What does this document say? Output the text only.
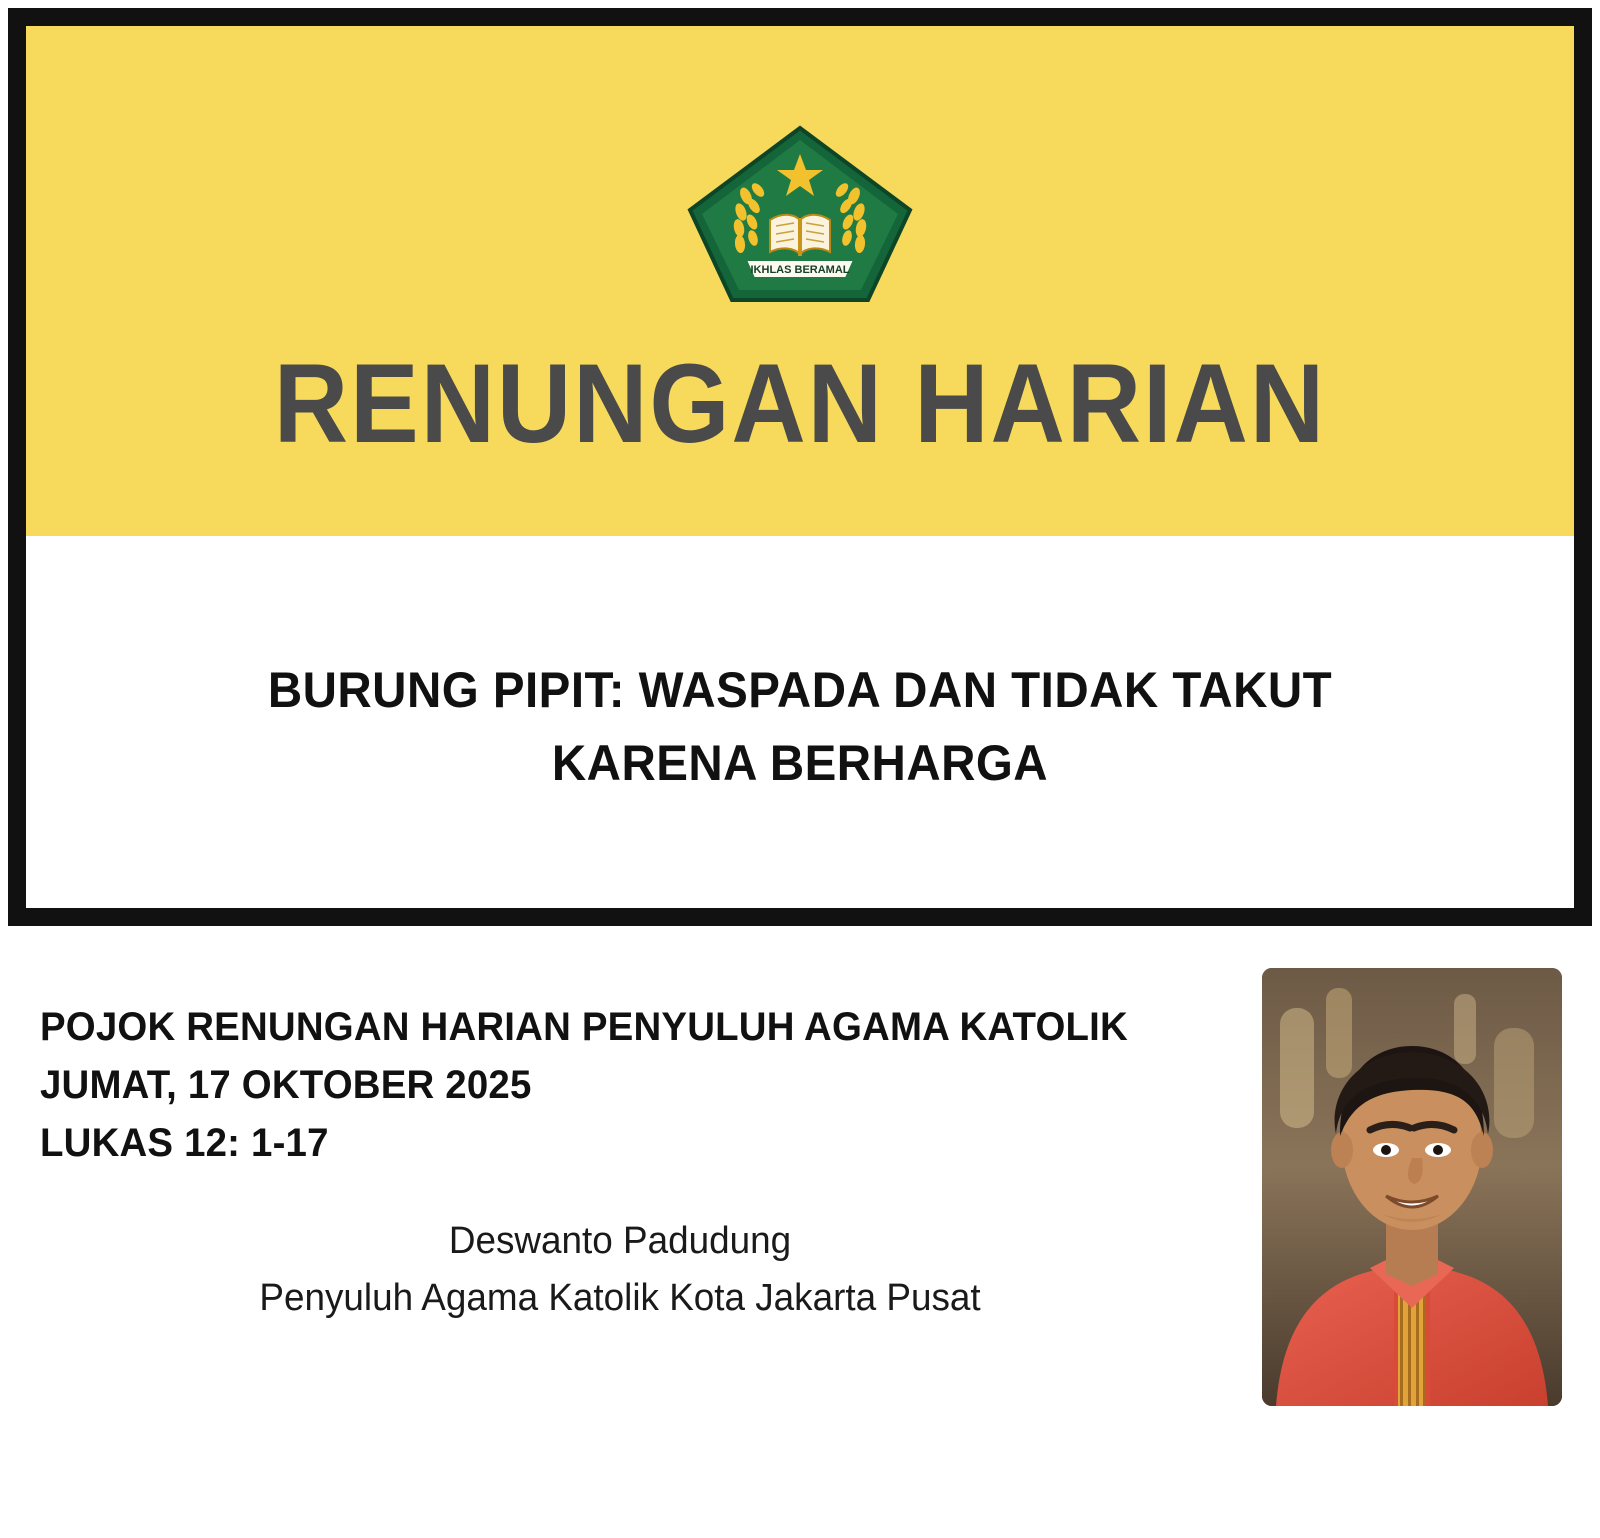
IKHLAS BERAMAL
RENUNGAN HARIAN
BURUNG PIPIT: WASPADA DAN TIDAK TAKUT KARENA BERHARGA
POJOK RENUNGAN HARIAN PENYULUH AGAMA KATOLIK
JUMAT, 17 OKTOBER 2025
LUKAS 12: 1-17
Deswanto Padudung
Penyuluh Agama Katolik Kota Jakarta Pusat
